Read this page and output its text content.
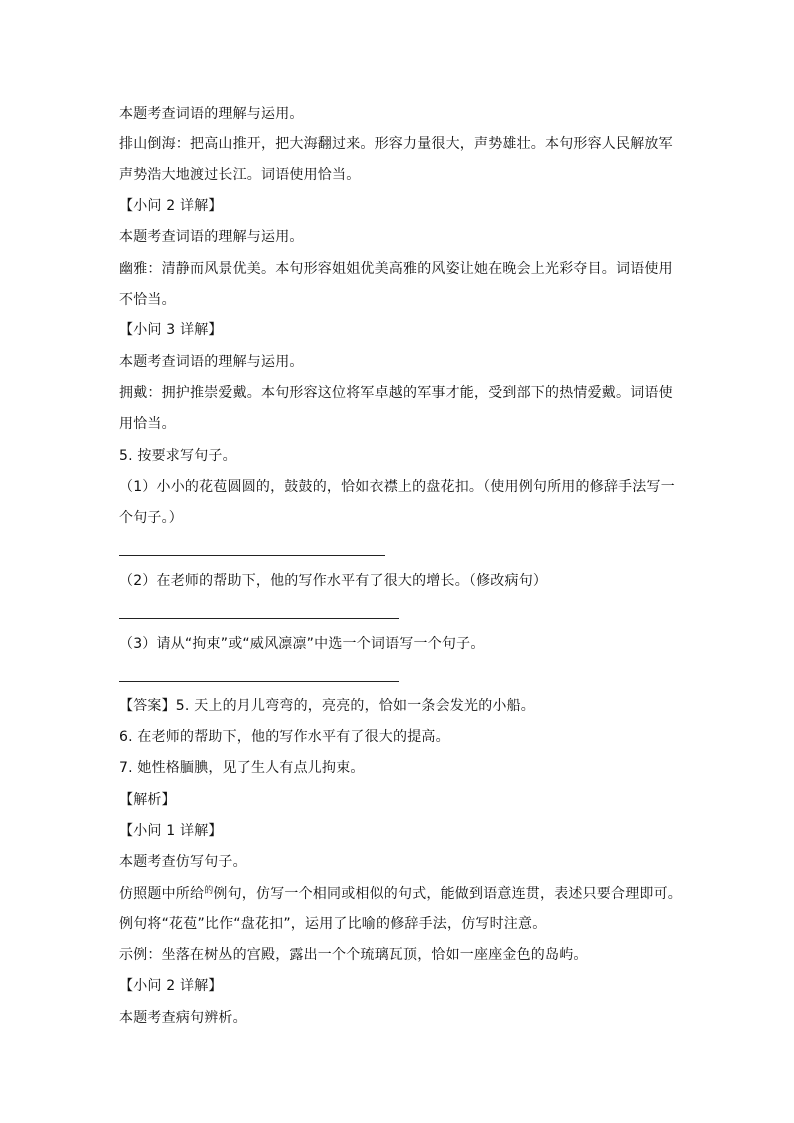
本题考查词语的理解与运用。
排山倒海：把高山推开，把大海翻过来。形容力量很大，声势雄壮。本句形容人民解放军
声势浩大地渡过长江。词语使用恰当。
【小问 2 详解】
本题考查词语的理解与运用。
幽雅：清静而风景优美。本句形容姐姐优美高雅的风姿让她在晚会上光彩夺目。词语使用
不恰当。
【小问 3 详解】
本题考查词语的理解与运用。
拥戴：拥护推崇爱戴。本句形容这位将军卓越的军事才能，受到部下的热情爱戴。词语使
用恰当。
5. 按要求写句子。
（1）小小的花苞圆圆的，鼓鼓的，恰如衣襟上的盘花扣。（使用例句所用的修辞手法写一
个句子。）
（2）在老师的帮助下，他的写作水平有了很大的增长。（修改病句）
（3）请从“拘束”或“威风凛凛”中选一个词语写一个句子。
【答案】5. 天上的月儿弯弯的，亮亮的，恰如一条会发光的小船。
6. 在老师的帮助下，他的写作水平有了很大的提高。
7. 她性格腼腆，见了生人有点儿拘束。
【解析】
【小问 1 详解】
本题考查仿写句子。
仿照题中所给$^的$例句，仿写一个相同或相似的句式，能做到语意连贯，表述只要合理即可。
例句将“花苞”比作“盘花扣”，运用了比喻的修辞手法，仿写时注意。
示例：坐落在树丛的宫殿，露出一个个琉璃瓦顶，恰如一座座金色的岛屿。
【小问 2 详解】
本题考查病句辨析。
